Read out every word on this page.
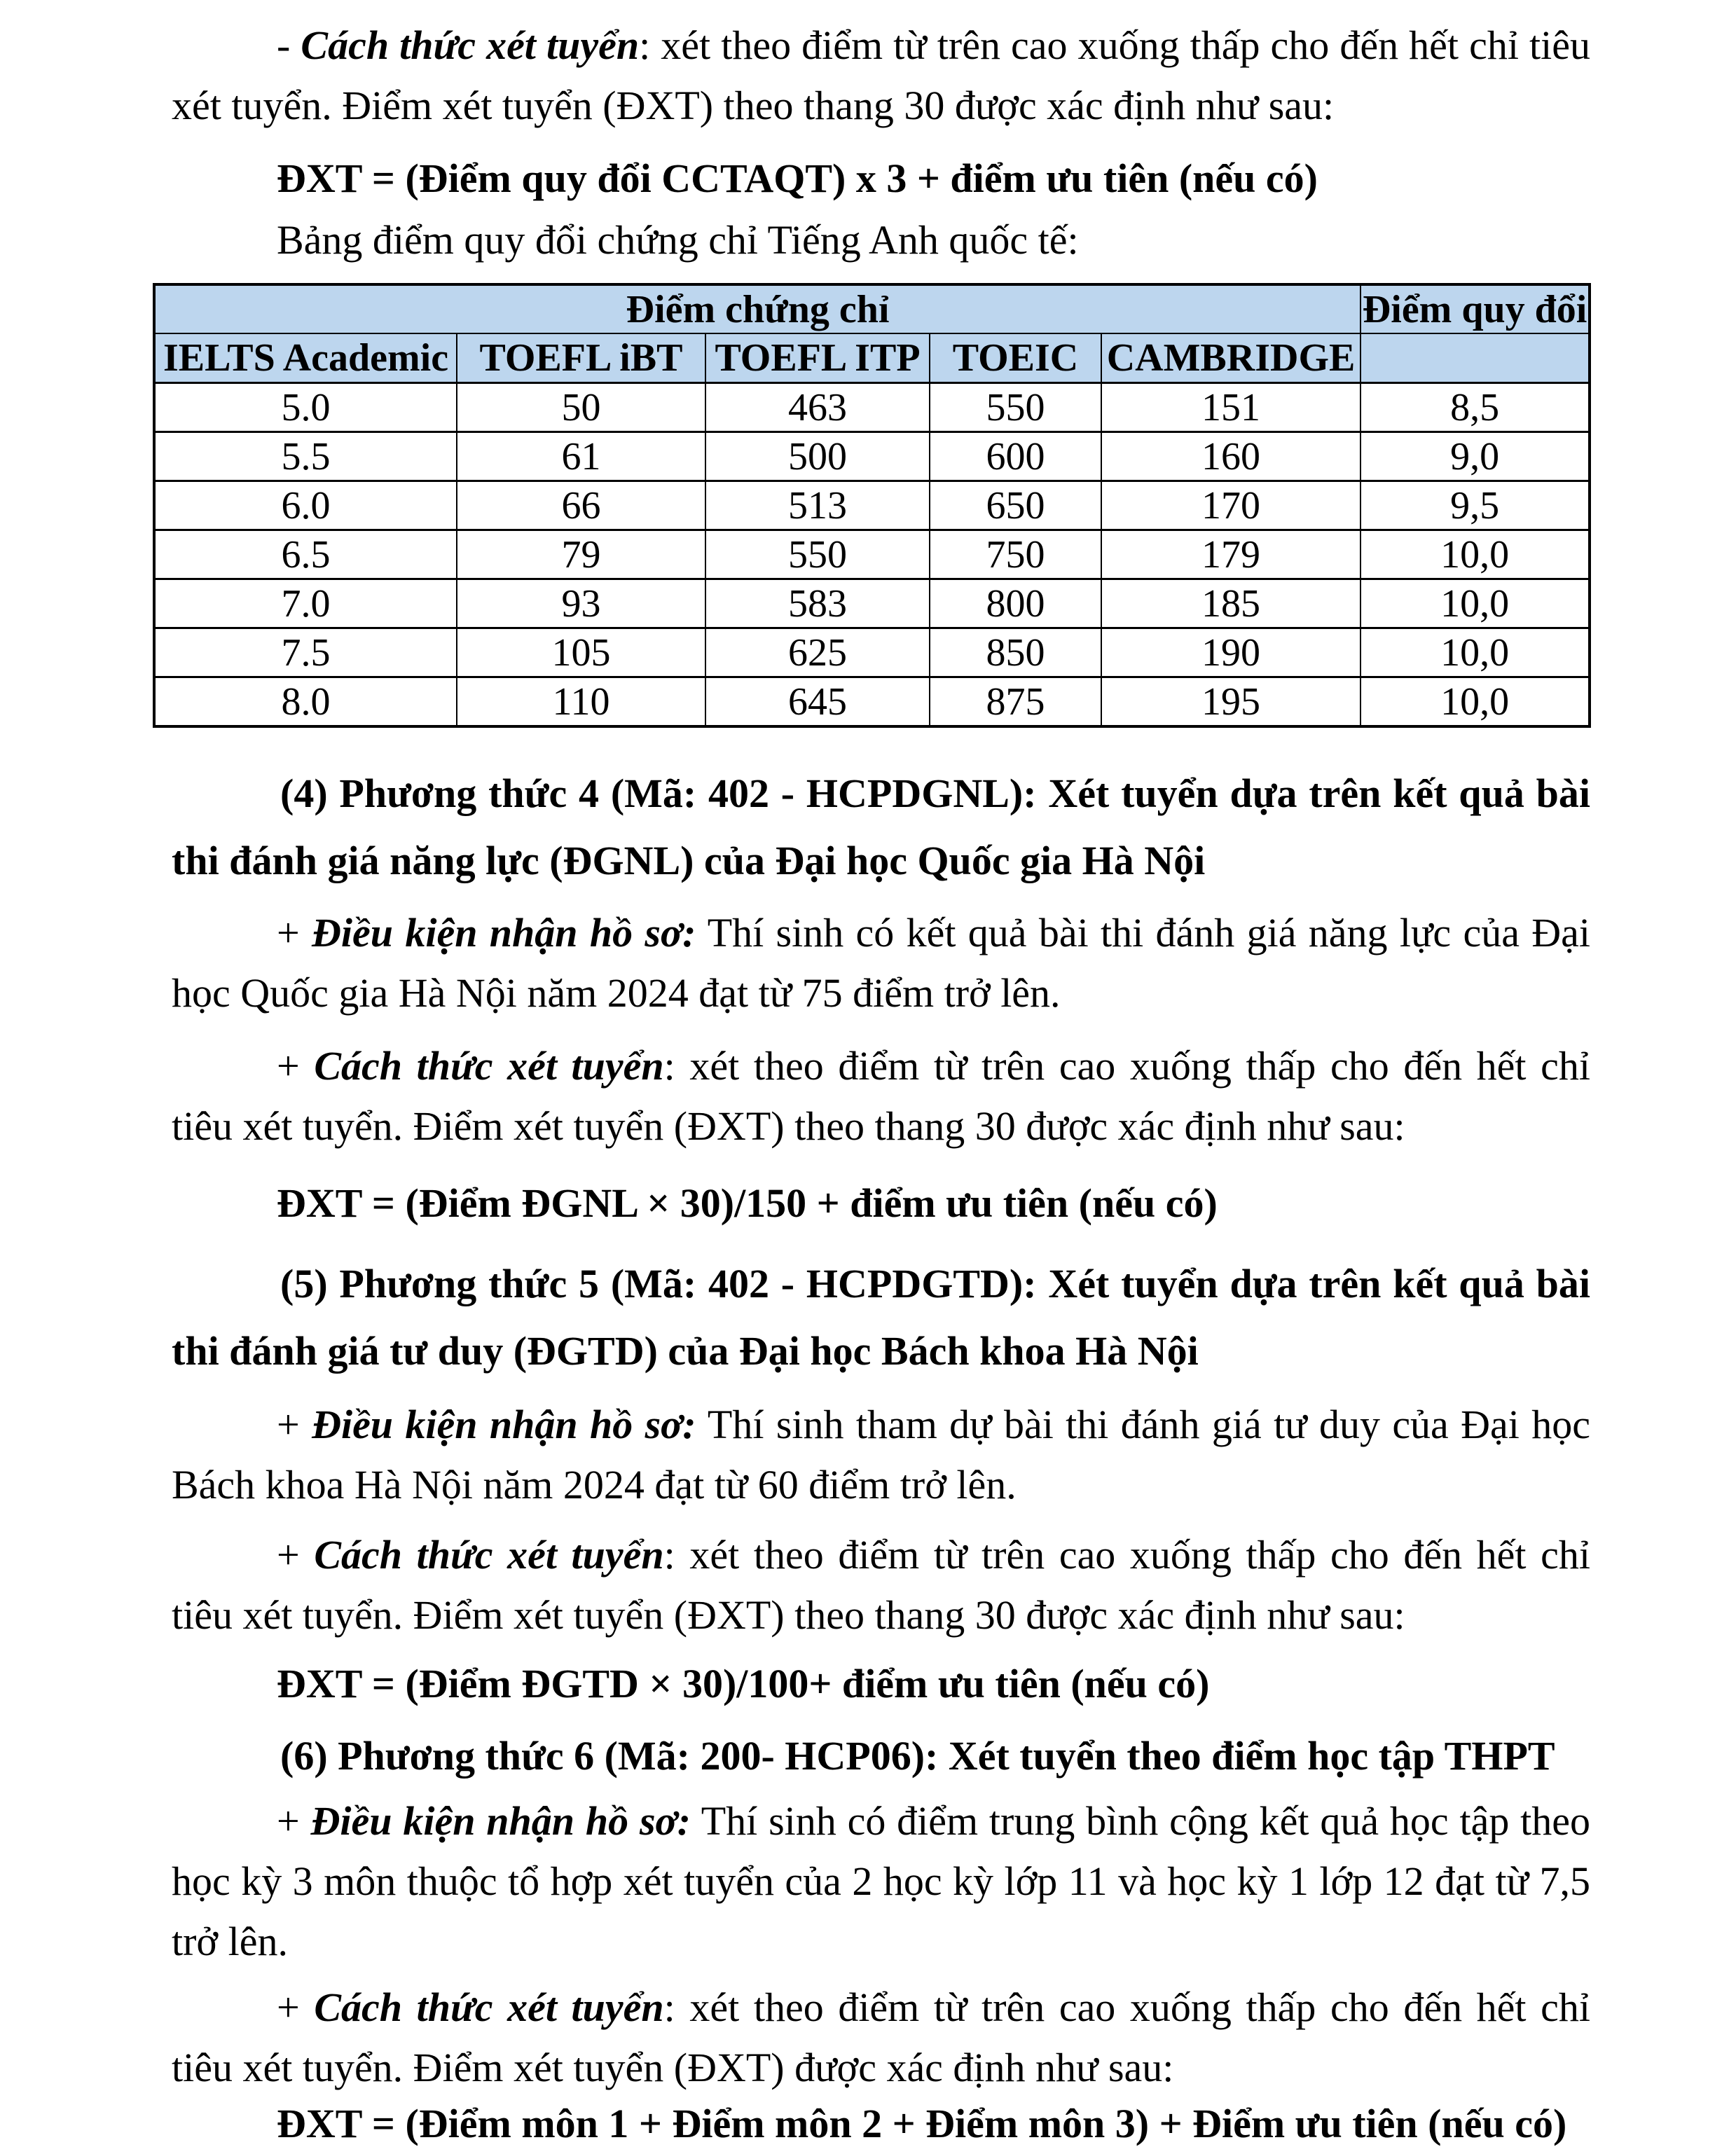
- Cách thức xét tuyển: xét theo điểm từ trên cao xuống thấp cho đến hết chỉ tiêu xét tuyển. Điểm xét tuyển (ĐXT) theo thang 30 được xác định như sau:

ĐXT = (Điểm quy đổi CCTAQT) x 3 + điểm ưu tiên (nếu có)

Bảng điểm quy đổi chứng chỉ Tiếng Anh quốc tế:

Điểm chứng chỉ					Điểm quy đổi
IELTS Academic	TOEFL iBT	TOEFL ITP	TOEIC	CAMBRIDGE	
5.0	50	463	550	151	8,5
5.5	61	500	600	160	9,0
6.0	66	513	650	170	9,5
6.5	79	550	750	179	10,0
7.0	93	583	800	185	10,0
7.5	105	625	850	190	10,0
8.0	110	645	875	195	10,0

(4) Phương thức 4 (Mã: 402 - HCPDGNL): Xét tuyển dựa trên kết quả bài thi đánh giá năng lực (ĐGNL) của Đại học Quốc gia Hà Nội

+ Điều kiện nhận hồ sơ: Thí sinh có kết quả bài thi đánh giá năng lực của Đại học Quốc gia Hà Nội năm 2024 đạt từ 75 điểm trở lên.

+ Cách thức xét tuyển: xét theo điểm từ trên cao xuống thấp cho đến hết chỉ tiêu xét tuyển. Điểm xét tuyển (ĐXT) theo thang 30 được xác định như sau:

ĐXT = (Điểm ĐGNL × 30)/150 + điểm ưu tiên (nếu có)

(5) Phương thức 5 (Mã: 402 - HCPDGTD): Xét tuyển dựa trên kết quả bài thi đánh giá tư duy (ĐGTD) của Đại học Bách khoa Hà Nội

+ Điều kiện nhận hồ sơ: Thí sinh tham dự bài thi đánh giá tư duy của Đại học Bách khoa Hà Nội năm 2024 đạt từ 60 điểm trở lên.

+ Cách thức xét tuyển: xét theo điểm từ trên cao xuống thấp cho đến hết chỉ tiêu xét tuyển. Điểm xét tuyển (ĐXT) theo thang 30 được xác định như sau:

ĐXT = (Điểm ĐGTD × 30)/100+ điểm ưu tiên (nếu có)

(6) Phương thức 6 (Mã: 200- HCP06): Xét tuyển theo điểm học tập THPT

+ Điều kiện nhận hồ sơ: Thí sinh có điểm trung bình cộng kết quả học tập theo học kỳ 3 môn thuộc tổ hợp xét tuyển của 2 học kỳ lớp 11 và học kỳ 1 lớp 12 đạt từ 7,5 trở lên.

+ Cách thức xét tuyển: xét theo điểm từ trên cao xuống thấp cho đến hết chỉ tiêu xét tuyển. Điểm xét tuyển (ĐXT) được xác định như sau:

ĐXT = (Điểm môn 1 + Điểm môn 2 + Điểm môn 3) + Điểm ưu tiên (nếu có)
